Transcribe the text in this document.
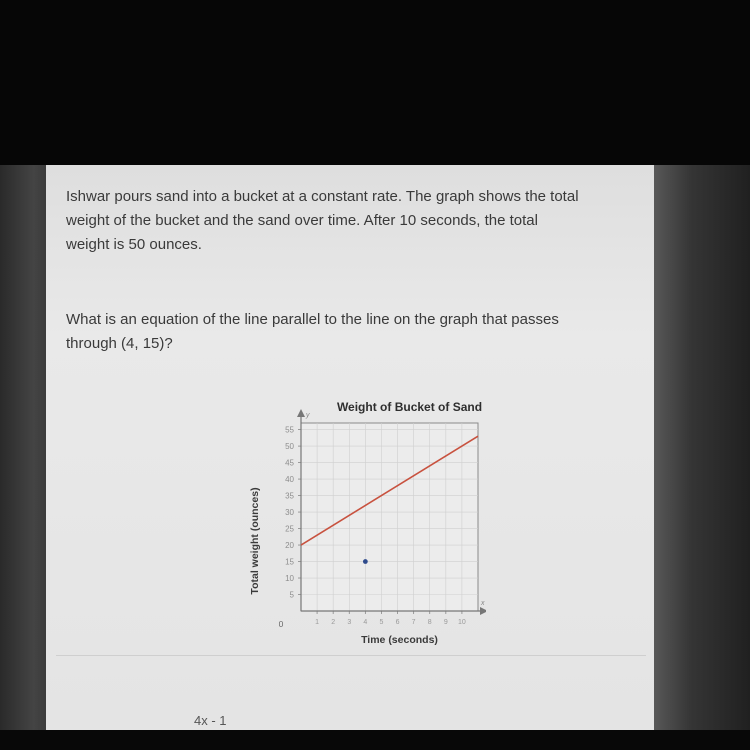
Ishwar pours sand into a bucket at a constant rate. The graph shows the total
weight of the bucket and the sand over time. After 10 seconds, the total
weight is 50 ounces.
What is an equation of the line parallel to the line on the graph that passes
through (4, 15)?
Weight of Bucket of Sand
5
10
15
20
25
30
35
40
45
50
55
1 2 3 4 5 6 7 8 9 10
0
y
x
Time (seconds)
Total weight (ounces)
4x - 1
